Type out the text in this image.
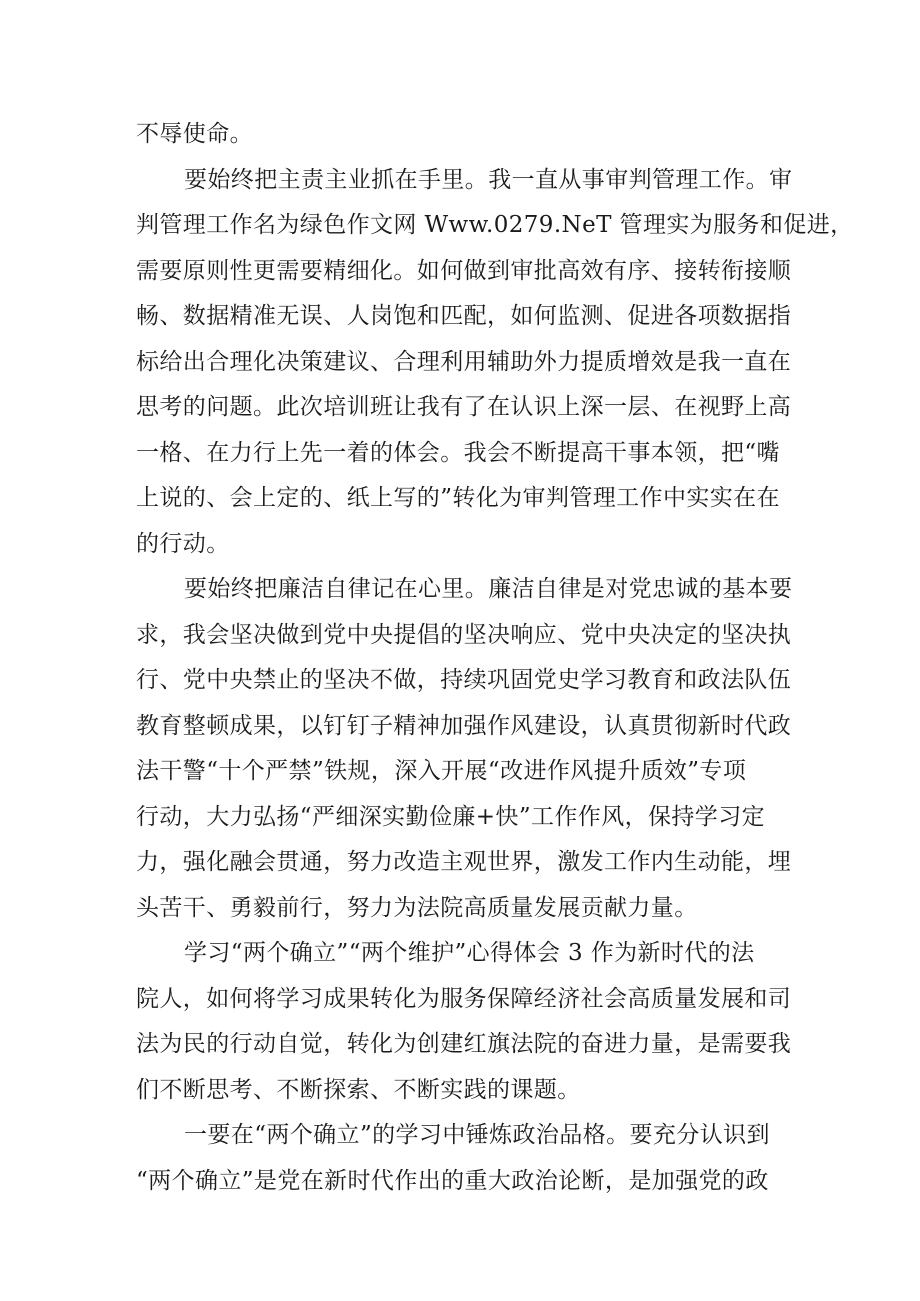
不辱使命。
要始终把主责主业抓在手里。我一直从事审判管理工作。审
判管理工作名为绿色作文网 Www.0279.NeT 管理实为服务和促进，
需要原则性更需要精细化。如何做到审批高效有序、接转衔接顺
畅、数据精准无误、人岗饱和匹配，如何监测、促进各项数据指
标给出合理化决策建议、合理利用辅助外力提质增效是我一直在
思考的问题。此次培训班让我有了在认识上深一层、在视野上高
一格、在力行上先一着的体会。我会不断提高干事本领，把“嘴
上说的、会上定的、纸上写的”转化为审判管理工作中实实在在
的行动。
要始终把廉洁自律记在心里。廉洁自律是对党忠诚的基本要
求，我会坚决做到党中央提倡的坚决响应、党中央决定的坚决执
行、党中央禁止的坚决不做，持续巩固党史学习教育和政法队伍
教育整顿成果，以钉钉子精神加强作风建设，认真贯彻新时代政
法干警“十个严禁”铁规，深入开展“改进作风提升质效”专项
行动，大力弘扬“严细深实勤俭廉+快”工作作风，保持学习定
力，强化融会贯通，努力改造主观世界，激发工作内生动能，埋
头苦干、勇毅前行，努力为法院高质量发展贡献力量。
学习“两个确立”“两个维护”心得体会 3 作为新时代的法
院人，如何将学习成果转化为服务保障经济社会高质量发展和司
法为民的行动自觉，转化为创建红旗法院的奋进力量，是需要我
们不断思考、不断探索、不断实践的课题。
一要在“两个确立”的学习中锤炼政治品格。要充分认识到
“两个确立”是党在新时代作出的重大政治论断，是加强党的政
